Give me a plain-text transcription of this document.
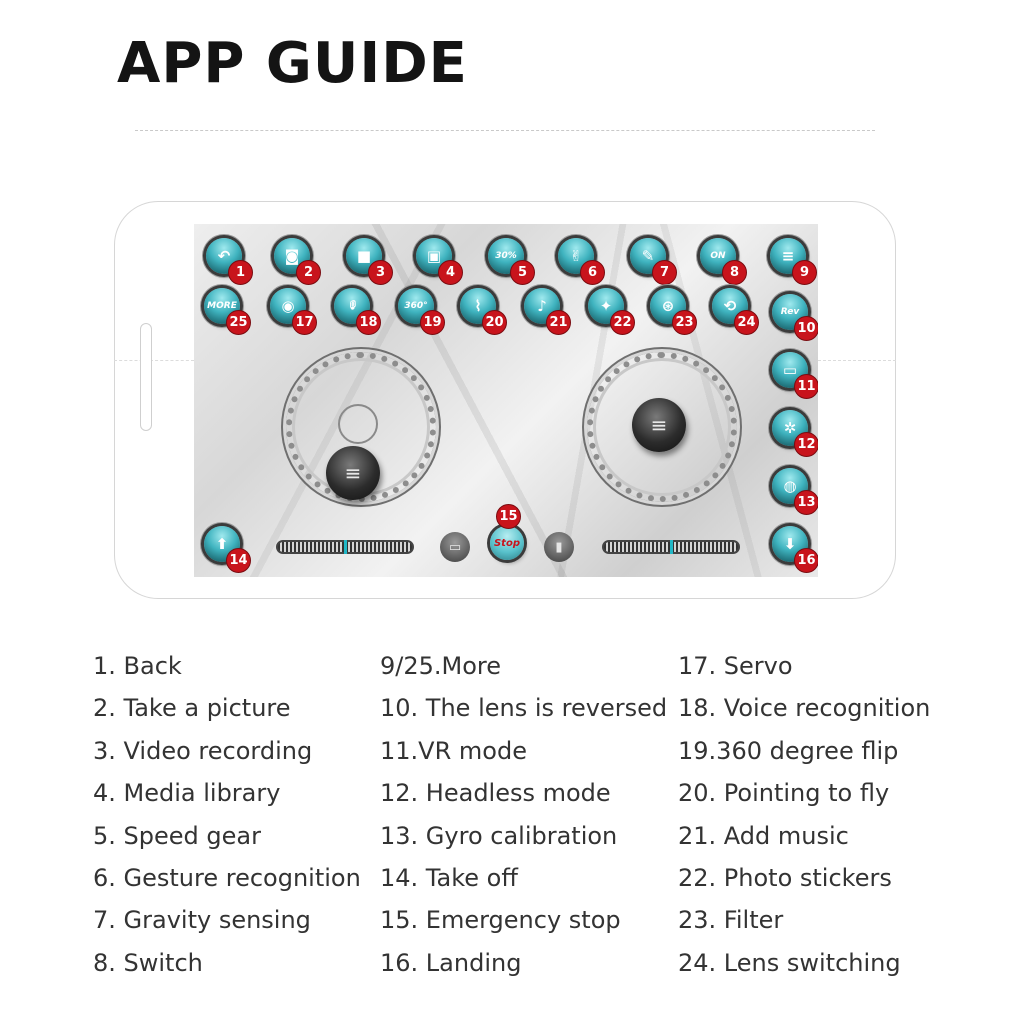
APP GUIDE
↶
1
◙
2
■
3
▣
4
30%
5
✌
6
✎
7
ON
8
≡
9
MORE
25
◉
17
🎙
18
360°
19
⌇
20
♪
21
✦
22
⊛
23
⟲
24
Rev
10
▭
11
✲
12
◍
13
⬆
14
⬇
16
≡
≡
▭	▮
Stop
15
1. Back
2. Take a picture
3. Video recording
4. Media library
5. Speed gear
6. Gesture recognition
7. Gravity sensing
8. Switch
9/25.More
10. The lens is reversed
11.VR mode
12. Headless mode
13. Gyro calibration
14. Take off
15. Emergency stop
16. Landing
17. Servo
18. Voice recognition
19.360 degree flip
20. Pointing to fly
21. Add music
22. Photo stickers
23. Filter
24. Lens switching
